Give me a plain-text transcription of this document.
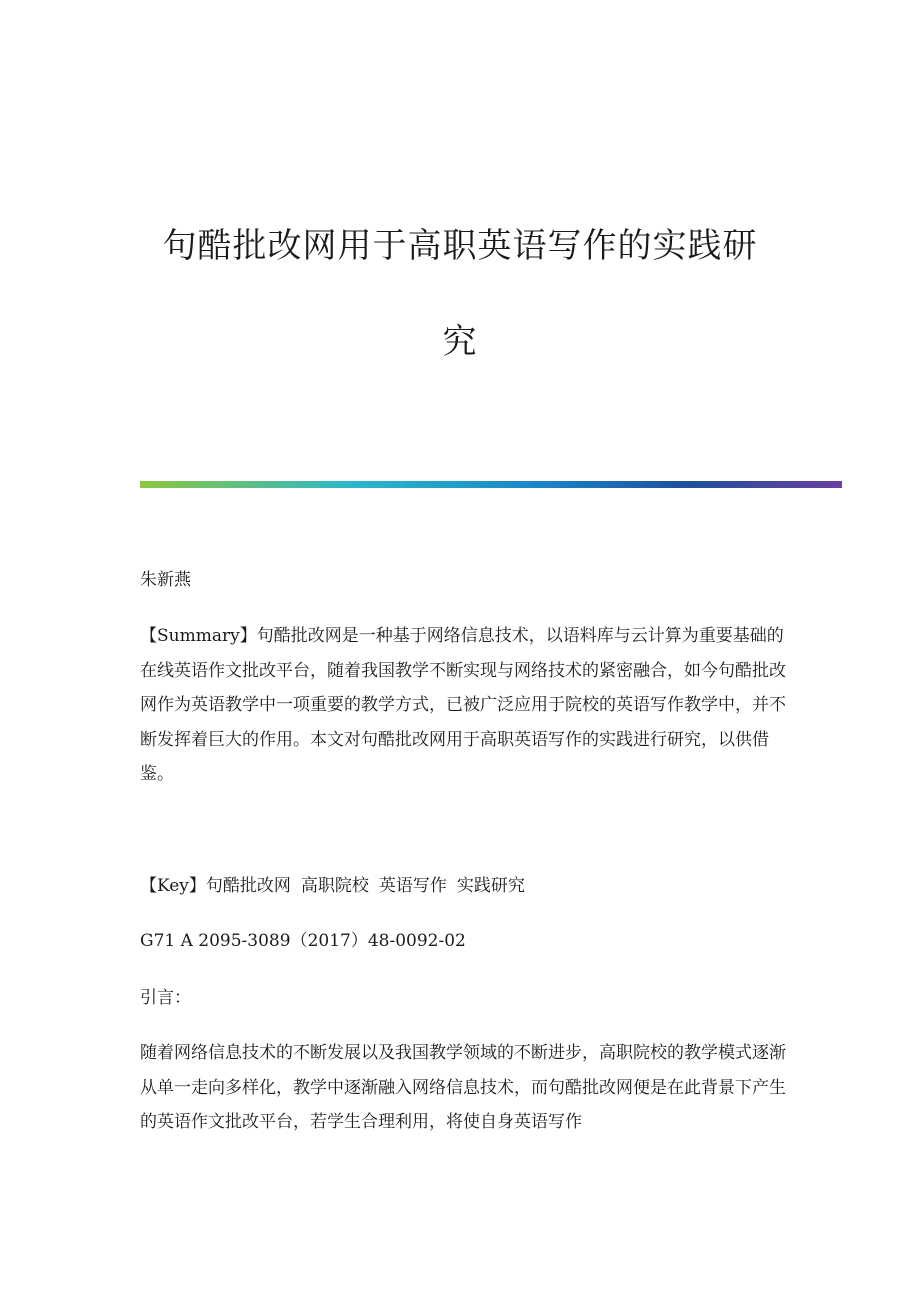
句酷批改网用于高职英语写作的实践研
究

朱新燕

【Summary】句酷批改网是一种基于网络信息技术，以语料库与云计算为重要基础的在线英语作文批改平台，随着我国教学不断实现与网络技术的紧密融合，如今句酷批改网作为英语教学中一项重要的教学方式，已被广泛应用于院校的英语写作教学中，并不断发挥着巨大的作用。本文对句酷批改网用于高职英语写作的实践进行研究，以供借鉴。

【Key】句酷批改网 高职院校 英语写作 实践研究

G71 A 2095-3089（2017）48-0092-02

引言：

随着网络信息技术的不断发展以及我国教学领域的不断进步，高职院校的教学模式逐渐从单一走向多样化，教学中逐渐融入网络信息技术，而句酷批改网便是在此背景下产生的英语作文批改平台，若学生合理利用，将使自身英语写作
